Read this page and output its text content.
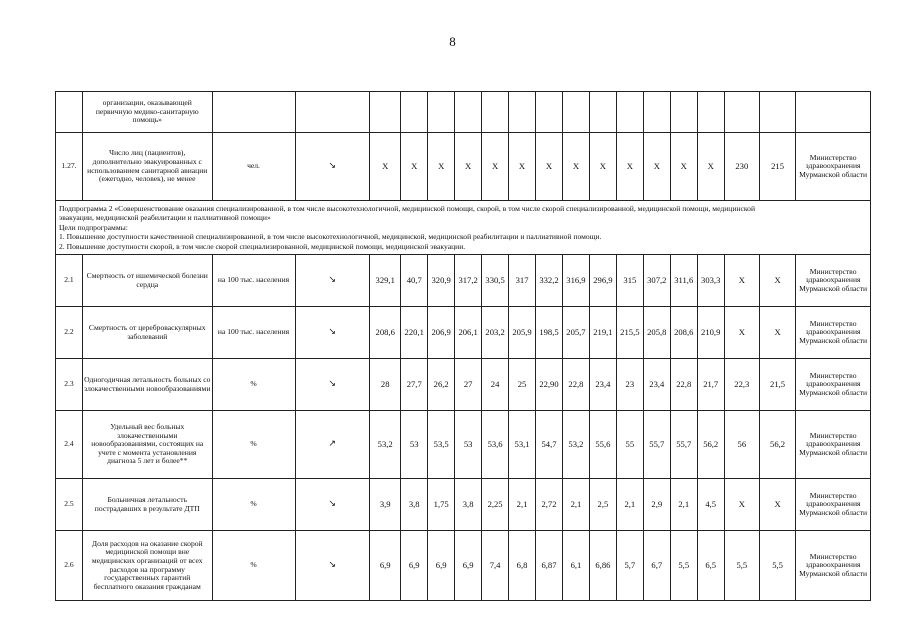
8
	организации, оказывающей первичную медико-санитарную помощь»																		
1.27.	Число лиц (пациентов), дополнительно эвакуированных с использованием санитарной авиации (ежегодно, человек), не менее	чел.	↘	Х	Х	Х	Х	Х	Х	Х	Х	Х	Х	Х	Х	Х	230	215	Министерство здравоохранения Мурманской области

Подпрограмма 2 «Совершенствование оказания специализированной, в том числе высокотехнологичной, медицинской помощи, скорой, в том числе скорой специализированной, медицинской помощи, медицинской
эвакуации, медицинской реабилитации и паллиативной помощи»
Цели подпрограммы:
1. Повышение доступности качественной специализированной, в том числе высокотехнологичной, медицинской, медицинской реабилитации и паллиативной помощи.
2. Повышение доступности скорой, в том числе скорой специализированной, медицинской помощи, медицинской эвакуации.																			

2.1	Смертность от ишемической болезни сердца	на 100 тыс. населения	↘	329,1	40,7	320,9	317,2	330,5	317	332,2	316,9	296,9	315	307,2	311,6	303,3	Х	Х	Министерство здравоохранения Мурманской области
2.2	Смертность от цереброваскулярных заболеваний	на 100 тыс. населения	↘	208,6	220,1	206,9	206,1	203,2	205,9	198,5	205,7	219,1	215,5	205,8	208,6	210,9	Х	Х	Министерство здравоохранения Мурманской области
2.3	Одногодичная летальность больных со злокачественными новообразованиями	%	↘	28	27,7	26,2	27	24	25	22,90	22,8	23,4	23	23,4	22,8	21,7	22,3	21,5	Министерство здравоохранения Мурманской области
2.4	Удельный вес больных злокачественными новообразованиями, состоящих на учете с момента установления диагноза 5 лет и более**	%	↗	53,2	53	53,5	53	53,6	53,1	54,7	53,2	55,6	55	55,7	55,7	56,2	56	56,2	Министерство здравоохранения Мурманской области
2.5	Больничная летальность пострадавших в результате ДТП	%	↘	3,9	3,8	1,75	3,8	2,25	2,1	2,72	2,1	2,5	2,1	2,9	2,1	4,5	Х	Х	Министерство здравоохранения Мурманской области
2.6	Доля расходов на оказание скорой медицинской помощи вне медицинских организаций от всех расходов на программу государственных гарантий бесплатного оказания гражданам	%	↘	6,9	6,9	6,9	6,9	7,4	6,8	6,87	6,1	6,86	5,7	6,7	5,5	6,5	5,5	5,5	Министерство здравоохранения Мурманской области
